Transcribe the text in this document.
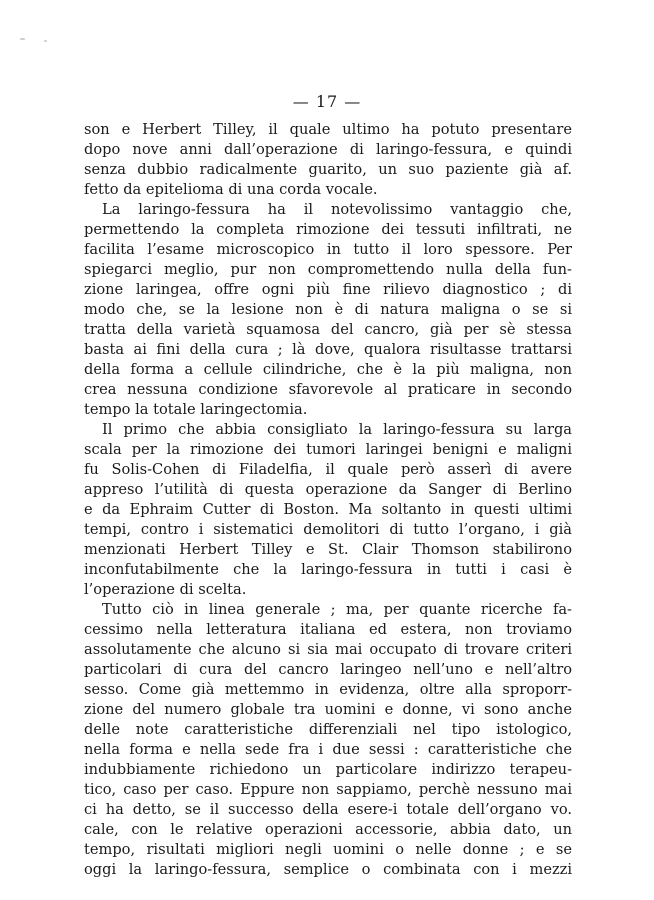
— 17 —
son e Herbert Tilley, il quale ultimo ha potuto presentare
dopo nove anni dall’operazione di laringo-fessura, e quindi
senza dubbio radicalmente guarito, un suo paziente già af.
fetto da epitelioma di una corda vocale.
La laringo-fessura ha il notevolissimo vantaggio che,
permettendo la completa rimozione dei tessuti infiltrati, ne
facilita l’esame microscopico in tutto il loro spessore. Per
spiegarci meglio, pur non compromettendo nulla della fun-
zione laringea, offre ogni più fine rilievo diagnostico ; di
modo che, se la lesione non è di natura maligna o se si
tratta della varietà squamosa del cancro, già per sè stessa
basta ai fini della cura ; là dove, qualora risultasse trattarsi
della forma a cellule cilindriche, che è la più maligna, non
crea nessuna condizione sfavorevole al praticare in secondo
tempo la totale laringectomia.
Il primo che abbia consigliato la laringo-fessura su larga
scala per la rimozione dei tumori laringei benigni e maligni
fu Solis-Cohen di Filadelfia, il quale però asserì di avere
appreso l’utilità di questa operazione da Sanger di Berlino
e da Ephraim Cutter di Boston. Ma soltanto in questi ultimi
tempi, contro i sistematici demolitori di tutto l’organo, i già
menzionati Herbert Tilley e St. Clair Thomson stabilirono
inconfutabilmente che la laringo-fessura in tutti i casi è
l’operazione di scelta.
Tutto ciò in linea generale ; ma, per quante ricerche fa-
cessimo nella letteratura italiana ed estera, non troviamo
assolutamente che alcuno si sia mai occupato di trovare criteri
particolari di cura del cancro laringeo nell’uno e nell’altro
sesso. Come già mettemmo in evidenza, oltre alla sproporr-
zione del numero globale tra uomini e donne, vi sono anche
delle note caratteristiche differenziali nel tipo istologico,
nella forma e nella sede fra i due sessi : caratteristiche che
indubbiamente richiedono un particolare indirizzo terapeu-
tico, caso per caso. Eppure non sappiamo, perchè nessuno mai
ci ha detto, se il successo della esere-i totale dell’organo vo.
cale, con le relative operazioni accessorie, abbia dato, un
tempo, risultati migliori negli uomini o nelle donne ; e se
oggi la laringo-fessura, semplice o combinata con i mezzi
